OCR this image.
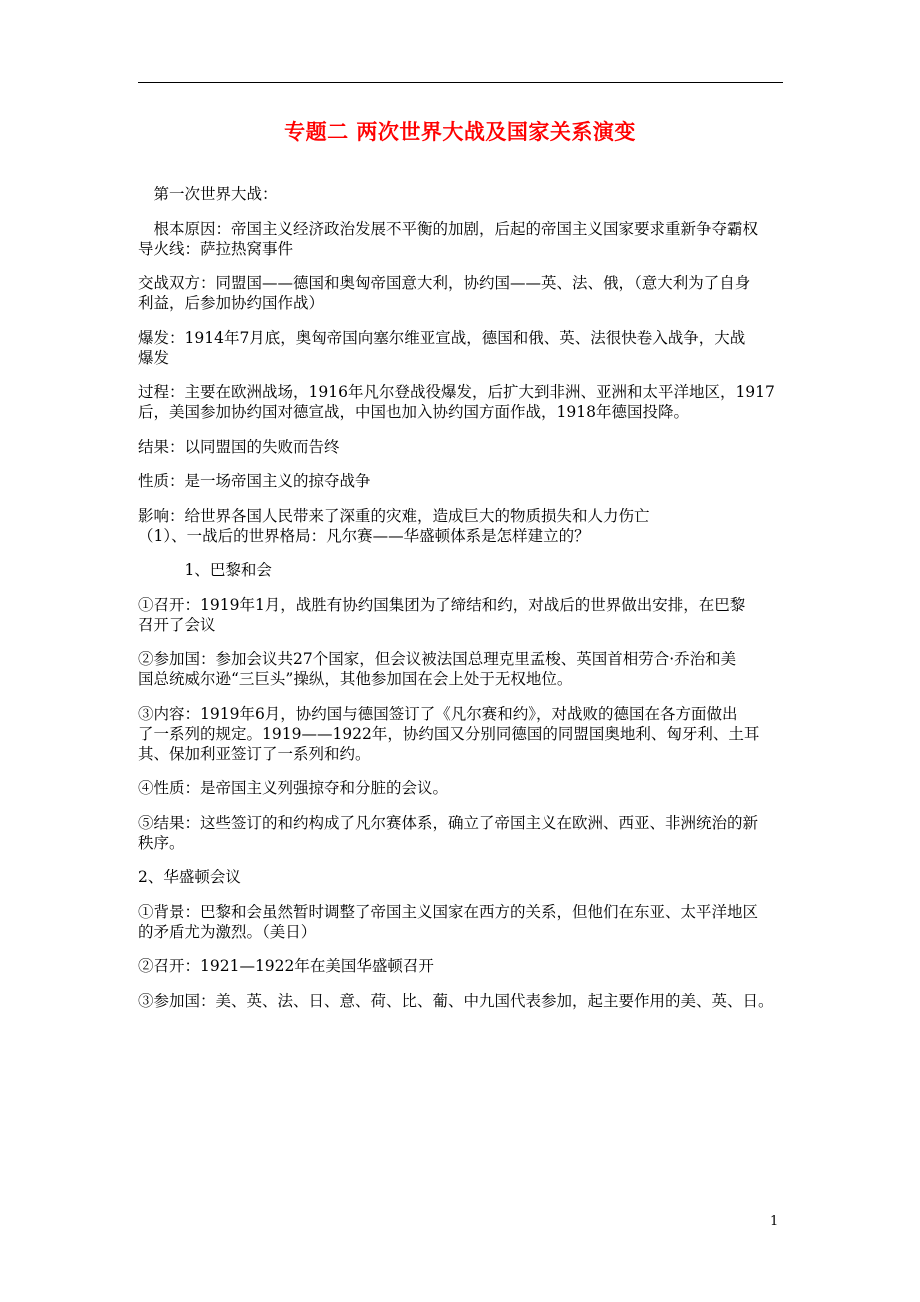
专题二 两次世界大战及国家关系演变
　第一次世界大战：
　根本原因：帝国主义经济政治发展不平衡的加剧，后起的帝国主义国家要求重新争夺霸权
导火线：萨拉热窝事件
交战双方：同盟国——德国和奥匈帝国意大利，协约国——英、法、俄，（意大利为了自身
利益，后参加协约国作战）
爆发：1914年7月底，奥匈帝国向塞尔维亚宣战，德国和俄、英、法很快卷入战争，大战
爆发
过程：主要在欧洲战场，1916年凡尔登战役爆发，后扩大到非洲、亚洲和太平洋地区，1917
后，美国参加协约国对德宣战，中国也加入协约国方面作战，1918年德国投降。
结果：以同盟国的失败而告终
性质：是一场帝国主义的掠夺战争
影响：给世界各国人民带来了深重的灾难，造成巨大的物质损失和人力伤亡
（1）、一战后的世界格局：凡尔赛——华盛顿体系是怎样建立的？
　　　1、巴黎和会
①召开：1919年1月，战胜有协约国集团为了缔结和约，对战后的世界做出安排，在巴黎
召开了会议
②参加国：参加会议共27个国家，但会议被法国总理克里孟梭、英国首相劳合·乔治和美
国总统威尔逊“三巨头”操纵，其他参加国在会上处于无权地位。
③内容：1919年6月，协约国与德国签订了《凡尔赛和约》，对战败的德国在各方面做出
了一系列的规定。1919——1922年，协约国又分别同德国的同盟国奥地利、匈牙利、土耳
其、保加利亚签订了一系列和约。
④性质：是帝国主义列强掠夺和分脏的会议。
⑤结果：这些签订的和约构成了凡尔赛体系，确立了帝国主义在欧洲、西亚、非洲统治的新
秩序。
2、华盛顿会议
①背景：巴黎和会虽然暂时调整了帝国主义国家在西方的关系，但他们在东亚、太平洋地区
的矛盾尤为激烈。（美日）
②召开：1921—1922年在美国华盛顿召开
③参加国：美、英、法、日、意、荷、比、葡、中九国代表参加，起主要作用的美、英、日。
1
